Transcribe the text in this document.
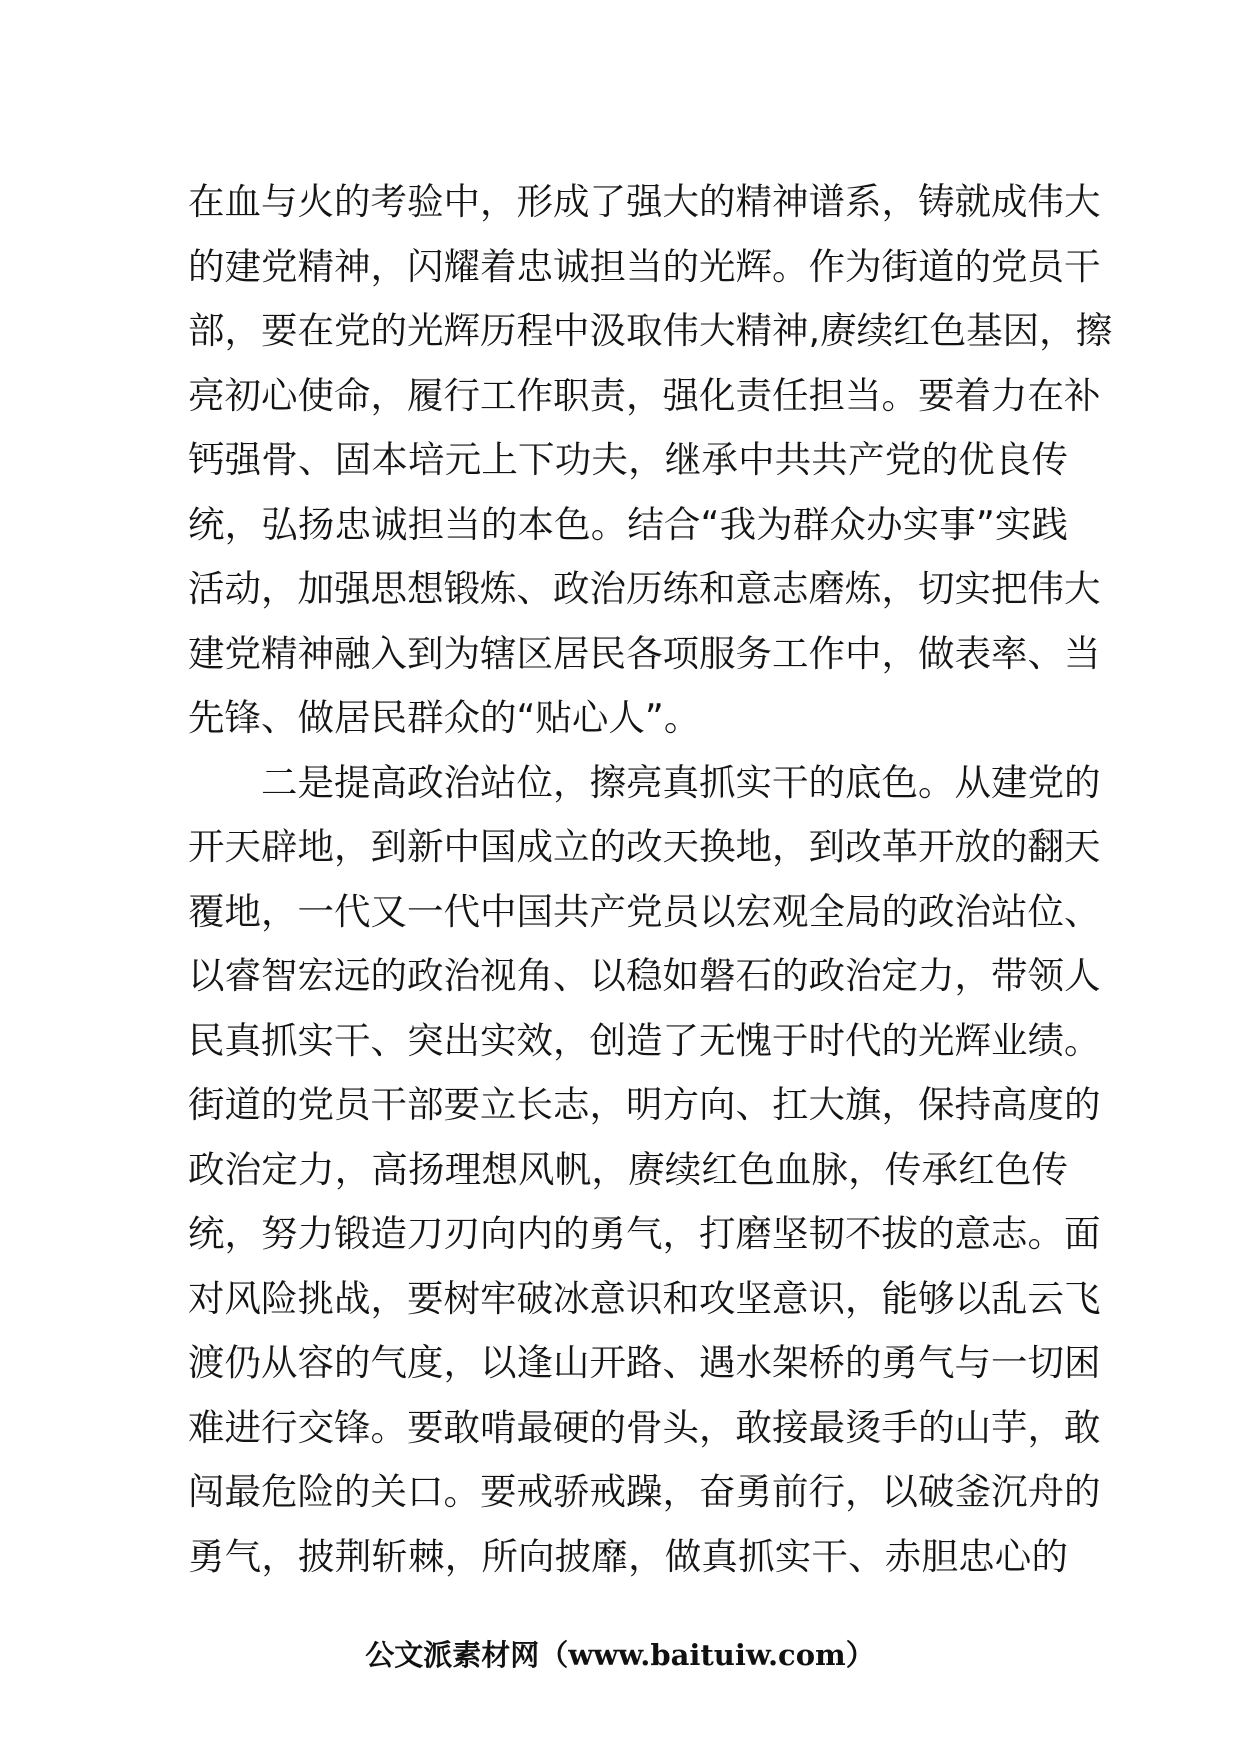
在 血 与 火 的 考 验 中 ， 形 成 了 强 大 的 精 神 谱 系 ， 铸 就 成 伟 大
的 建 党 精 神 ， 闪 耀 着 忠 诚 担 当 的 光 辉 。 作 为 街 道 的 党 员 干
部 ， 要 在 党 的 光 辉 历 程 中 汲 取 伟 大 精 神 , 赓 续 红 色 基 因 ， 擦
亮 初 心 使 命 ， 履 行 工 作 职 责 ， 强 化 责 任 担 当 。 要 着 力 在 补
钙 强 骨 、 固 本 培 元 上 下 功 夫 ， 继 承 中 共 共 产 党 的 优 良 传
统 ， 弘 扬 忠 诚 担 当 的 本 色 。 结 合 “ 我 为 群 众 办 实 事 ” 实 践
活 动 ， 加 强 思 想 锻 炼 、 政 治 历 练 和 意 志 磨 炼 ， 切 实 把 伟 大
建 党 精 神 融 入 到 为 辖 区 居 民 各 项 服 务 工 作 中 ， 做 表 率 、 当
先 锋 、 做 居 民 群 众 的 “ 贴 心 人 ” 。

二 是 提 高 政 治 站 位 ， 擦 亮 真 抓 实 干 的 底 色 。 从 建 党 的
开 天 辟 地 ， 到 新 中 国 成 立 的 改 天 换 地 ， 到 改 革 开 放 的 翻 天
覆 地 ， 一 代 又 一 代 中 国 共 产 党 员 以 宏 观 全 局 的 政 治 站 位 、
以 睿 智 宏 远 的 政 治 视 角 、 以 稳 如 磐 石 的 政 治 定 力 ， 带 领 人
民 真 抓 实 干 、 突 出 实 效 ， 创 造 了 无 愧 于 时 代 的 光 辉 业 绩 。
街 道 的 党 员 干 部 要 立 长 志 ， 明 方 向 、 扛 大 旗 ， 保 持 高 度 的
政 治 定 力 ， 高 扬 理 想 风 帆 ， 赓 续 红 色 血 脉 ， 传 承 红 色 传
统 ， 努 力 锻 造 刀 刃 向 内 的 勇 气 ， 打 磨 坚 韧 不 拔 的 意 志 。 面
对 风 险 挑 战 ， 要 树 牢 破 冰 意 识 和 攻 坚 意 识 ， 能 够 以 乱 云 飞
渡 仍 从 容 的 气 度 ， 以 逢 山 开 路 、 遇 水 架 桥 的 勇 气 与 一 切 困
难 进 行 交 锋 。 要 敢 啃 最 硬 的 骨 头 ， 敢 接 最 烫 手 的 山 芋 ， 敢
闯 最 危 险 的 关 口 。 要 戒 骄 戒 躁 ， 奋 勇 前 行 ， 以 破 釜 沉 舟 的
勇 气 ， 披 荆 斩 棘 ， 所 向 披 靡 ， 做 真 抓 实 干 、 赤 胆 忠 心 的
公文派素材网（www.baituiw.com）
